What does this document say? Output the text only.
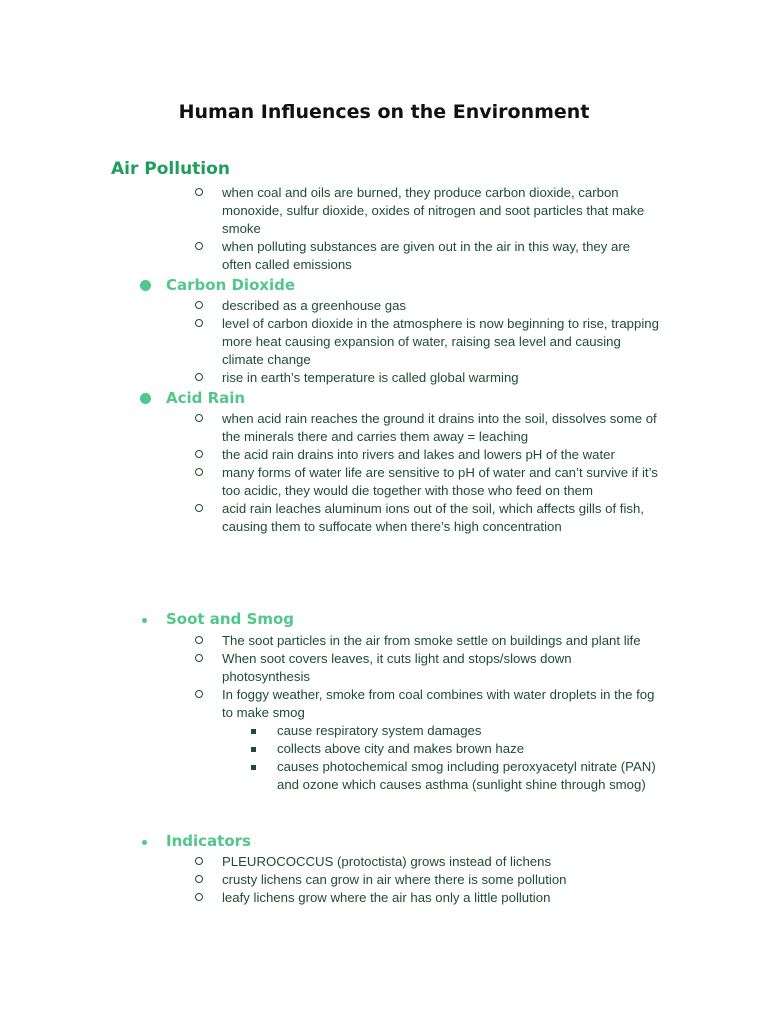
Human Influences on the Environment
Air Pollution
when coal and oils are burned, they produce carbon dioxide, carbon monoxide, sulfur dioxide, oxides of nitrogen and soot particles that make smoke
when polluting substances are given out in the air in this way, they are often called emissions
Carbon Dioxide
described as a greenhouse gas
level of carbon dioxide in the atmosphere is now beginning to rise, trapping more heat causing expansion of water, raising sea level and causing climate change
rise in earth’s temperature is called global warming
Acid Rain
when acid rain reaches the ground it drains into the soil, dissolves some of the minerals there and carries them away = leaching
the acid rain drains into rivers and lakes and lowers pH of the water
many forms of water life are sensitive to pH of water and can’t survive if it’s too acidic, they would die together with those who feed on them
acid rain leaches aluminum ions out of the soil, which affects gills of fish, causing them to suffocate when there’s high concentration
Soot and Smog
The soot particles in the air from smoke settle on buildings and plant life
When soot covers leaves, it cuts light and stops/slows down photosynthesis
In foggy weather, smoke from coal combines with water droplets in the fog to make smog
cause respiratory system damages
collects above city and makes brown haze
causes photochemical smog including peroxyacetyl nitrate (PAN) and ozone which causes asthma (sunlight shine through smog)
Indicators
PLEUROCOCCUS (protoctista) grows instead of lichens
crusty lichens can grow in air where there is some pollution
leafy lichens grow where the air has only a little pollution
